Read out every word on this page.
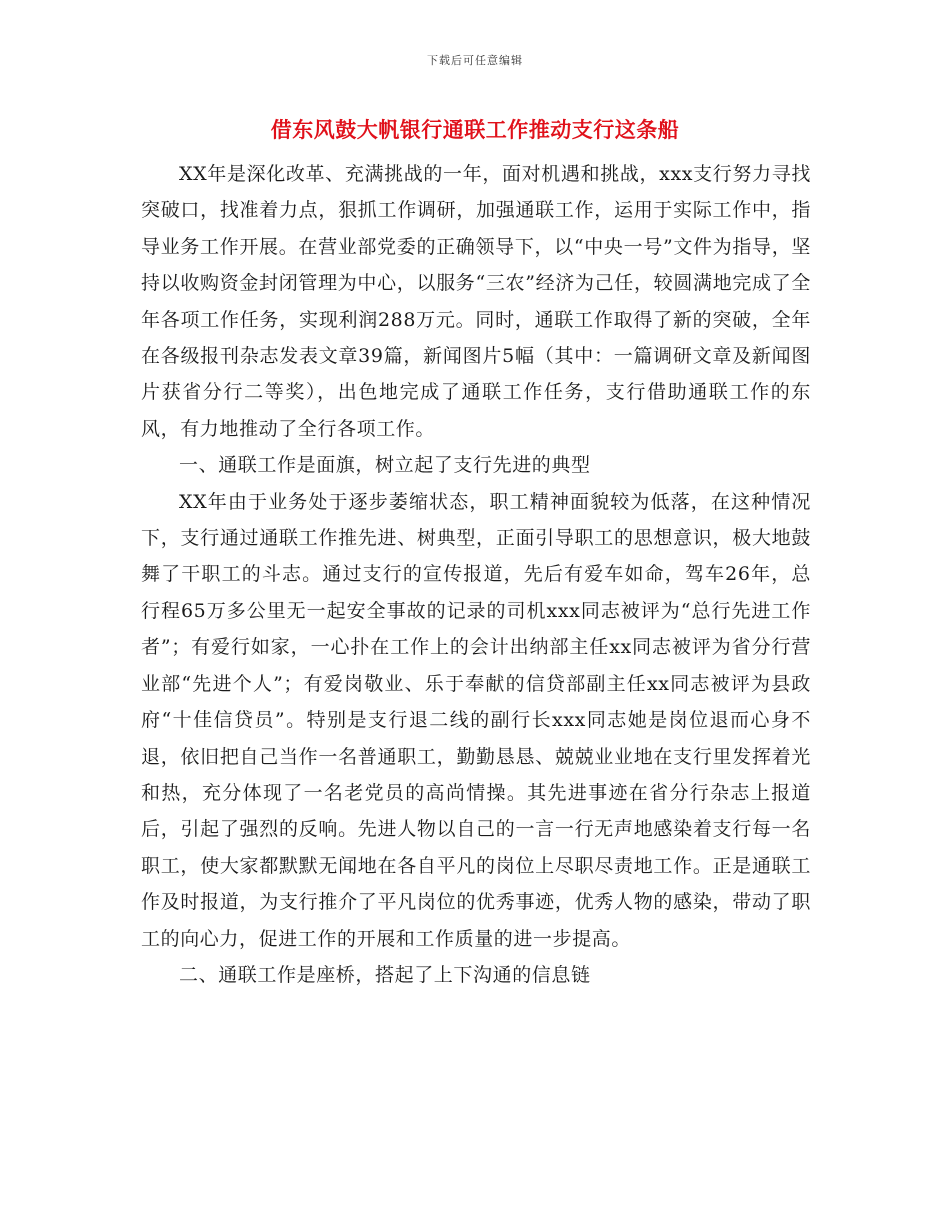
下载后可任意编辑
借东风鼓大帆银行通联工作推动支行这条船

XX年是深化改革、充满挑战的一年，面对机遇和挑战，xxx支行努力寻找突破口，找准着力点，狠抓工作调研，加强通联工作，运用于实际工作中，指导业务工作开展。在营业部党委的正确领导下，以“中央一号”文件为指导，坚持以收购资金封闭管理为中心，以服务“三农”经济为己任，较圆满地完成了全年各项工作任务，实现利润288万元。同时，通联工作取得了新的突破，全年在各级报刊杂志发表文章39篇，新闻图片5幅（其中：一篇调研文章及新闻图片获省分行二等奖），出色地完成了通联工作任务，支行借助通联工作的东风，有力地推动了全行各项工作。

一、通联工作是面旗，树立起了支行先进的典型

XX年由于业务处于逐步萎缩状态，职工精神面貌较为低落，在这种情况下，支行通过通联工作推先进、树典型，正面引导职工的思想意识，极大地鼓舞了干职工的斗志。通过支行的宣传报道，先后有爱车如命，驾车26年，总行程65万多公里无一起安全事故的记录的司机xxx同志被评为“总行先进工作者”；有爱行如家，一心扑在工作上的会计出纳部主任xx同志被评为省分行营业部“先进个人”；有爱岗敬业、乐于奉献的信贷部副主任xx同志被评为县政府“十佳信贷员”。特别是支行退二线的副行长xxx同志她是岗位退而心身不退，依旧把自己当作一名普通职工，勤勤恳恳、兢兢业业地在支行里发挥着光和热，充分体现了一名老党员的高尚情操。其先进事迹在省分行杂志上报道后，引起了强烈的反响。先进人物以自己的一言一行无声地感染着支行每一名职工，使大家都默默无闻地在各自平凡的岗位上尽职尽责地工作。正是通联工作及时报道，为支行推介了平凡岗位的优秀事迹，优秀人物的感染，带动了职工的向心力，促进工作的开展和工作质量的进一步提高。

二、通联工作是座桥，搭起了上下沟通的信息链
